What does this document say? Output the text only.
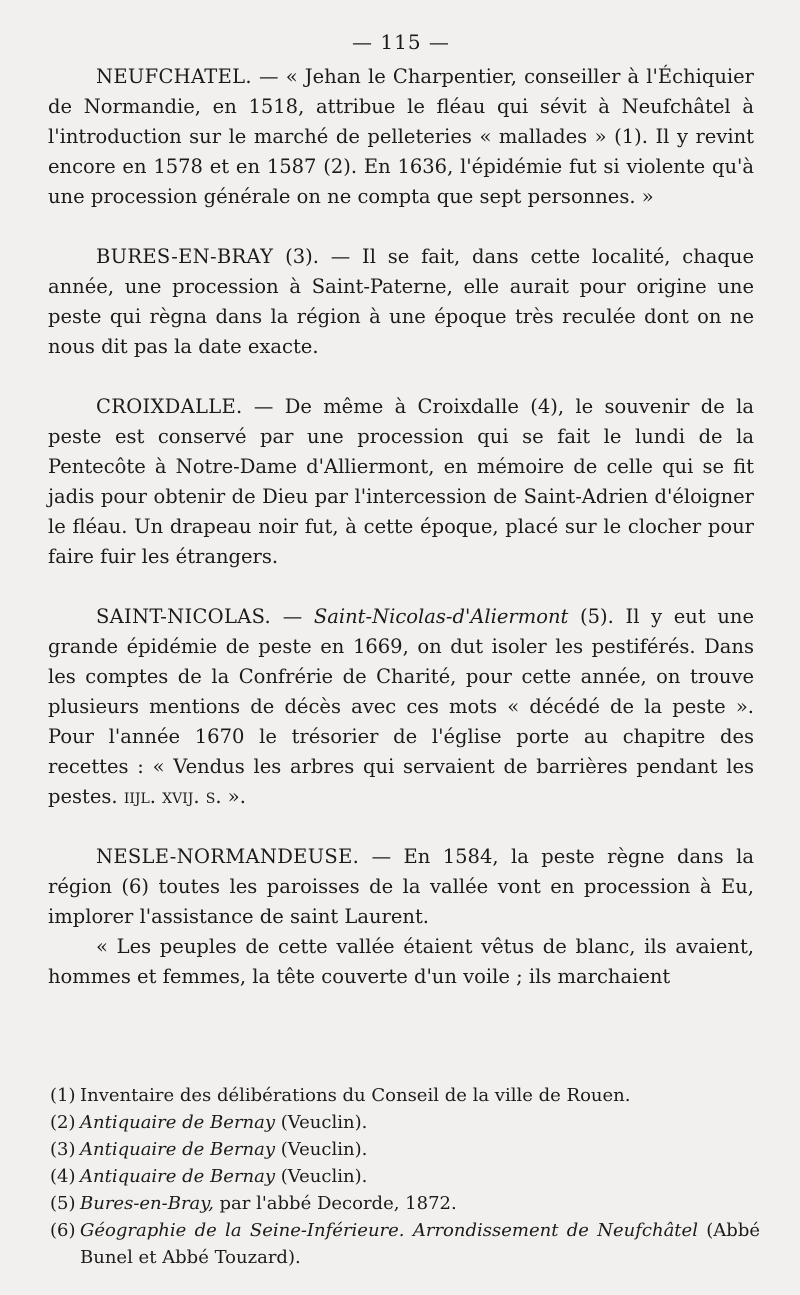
— 115 —

NEUFCHATEL. — « Jehan le Charpentier, conseiller à l'Échiquier de Normandie, en 1518, attribue le fléau qui sévit à Neufchâtel à l'introduction sur le marché de pelleteries « mallades » (1). Il y revint encore en 1578 et en 1587 (2). En 1636, l'épidémie fut si violente qu'à une procession générale on ne compta que sept personnes. »

BURES-EN-BRAY (3). — Il se fait, dans cette localité, chaque année, une procession à Saint-Paterne, elle aurait pour origine une peste qui règna dans la région à une époque très reculée dont on ne nous dit pas la date exacte.

CROIXDALLE. — De même à Croixdalle (4), le souvenir de la peste est conservé par une procession qui se fait le lundi de la Pentecôte à Notre-Dame d'Alliermont, en mémoire de celle qui se fit jadis pour obtenir de Dieu par l'intercession de Saint-Adrien d'éloigner le fléau. Un drapeau noir fut, à cette époque, placé sur le clocher pour faire fuir les étrangers.

SAINT-NICOLAS. — Saint-Nicolas-d'Aliermont (5). Il y eut une grande épidémie de peste en 1669, on dut isoler les pestiférés. Dans les comptes de la Confrérie de Charité, pour cette année, on trouve plusieurs mentions de décès avec ces mots « décédé de la peste ». Pour l'année 1670 le trésorier de l'église porte au chapitre des recettes : « Vendus les arbres qui servaient de barrières pendant les pestes. iijl. xvij. s. ».

NESLE-NORMANDEUSE. — En 1584, la peste règne dans la région (6) toutes les paroisses de la vallée vont en procession à Eu, implorer l'assistance de saint Laurent.

« Les peuples de cette vallée étaient vêtus de blanc, ils avaient, hommes et femmes, la tête couverte d'un voile ; ils marchaient

(1) Inventaire des délibérations du Conseil de la ville de Rouen.

(2) Antiquaire de Bernay (Veuclin).

(3) Antiquaire de Bernay (Veuclin).

(4) Antiquaire de Bernay (Veuclin).

(5) Bures-en-Bray, par l'abbé Decorde, 1872.

(6) Géographie de la Seine-Inférieure. Arrondissement de Neufchâtel (Abbé Bunel et Abbé Touzard).
